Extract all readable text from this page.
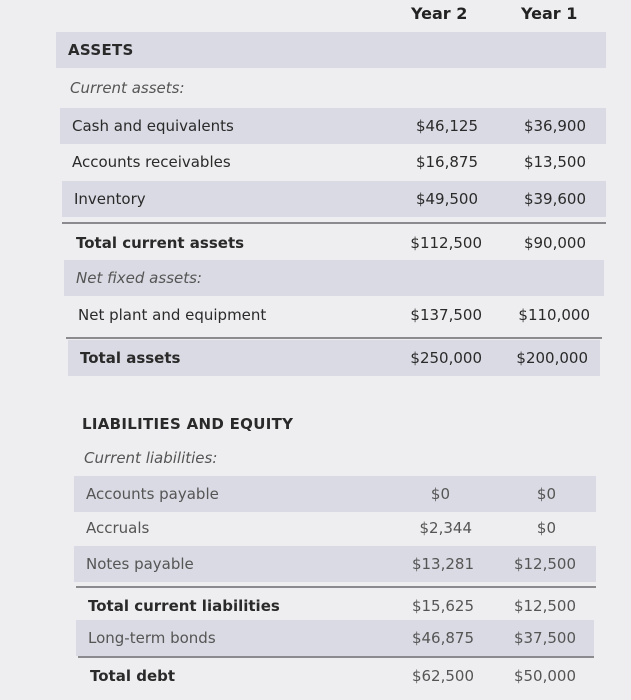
Year 2	Year 1
ASSETS
Current assets:
Cash and equivalents	$46,125	$36,900
Accounts receivables	$16,875	$13,500
Inventory	$49,500	$39,600
Total current assets	$112,500	$90,000
Net fixed assets:
Net plant and equipment	$137,500 $110,000
Total assets	$250,000 $200,000
LIABILITIES AND EQUITY
Current liabilities:
Accounts payable	$0	$0
Accruals	$2,344	$0
Notes payable	$13,281	$12,500
Total current liabilities	$15,625	$12,500
Long-term bonds	$46,875	$37,500
Total debt	$62,500	$50,000
